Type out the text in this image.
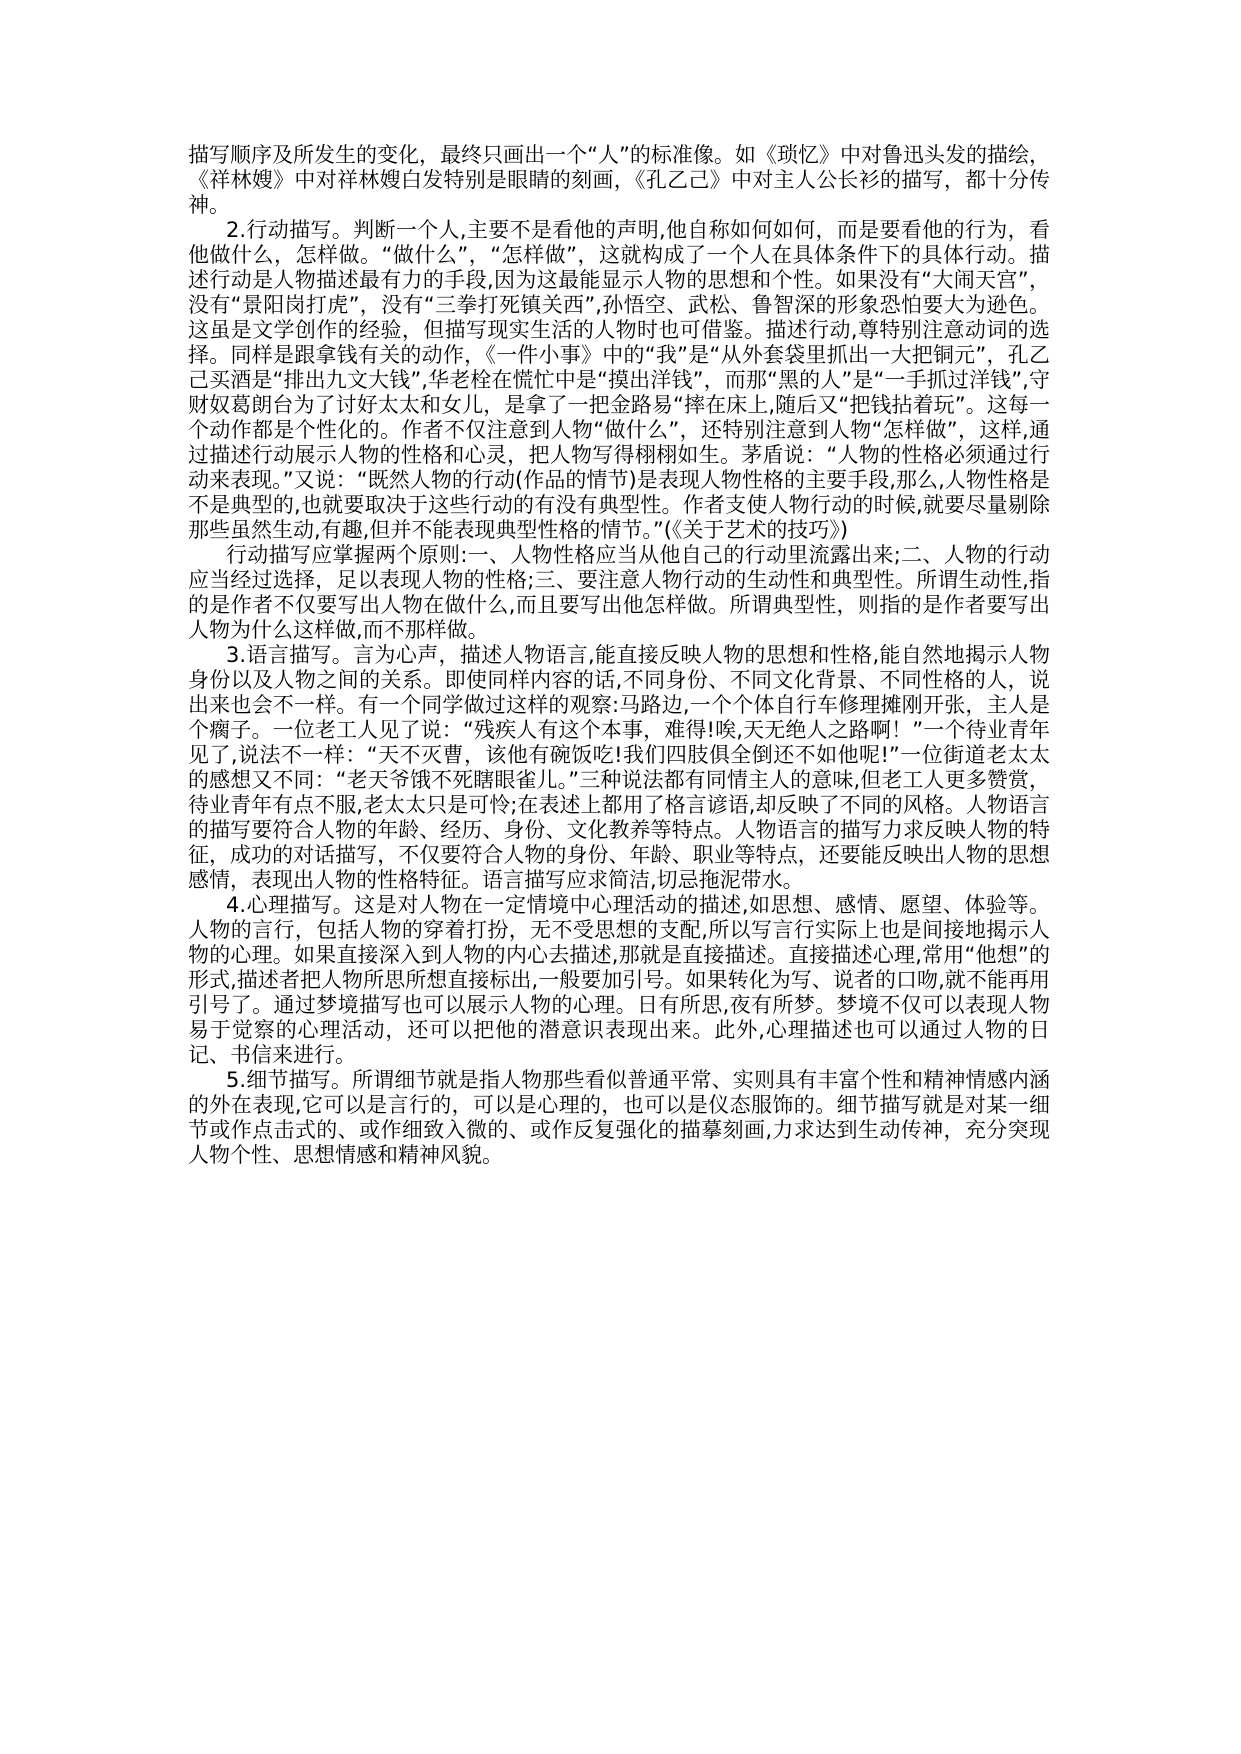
描写顺序及所发生的变化，最终只画出一个“人”的标准像。如《琐忆》中对鲁迅头发的描绘，《祥林嫂》中对祥林嫂白发特别是眼睛的刻画，《孔乙己》中对主人公长衫的描写，都十分传神。

2.行动描写。判断一个人,主要不是看他的声明,他自称如何如何，而是要看他的行为，看他做什么，怎样做。“做什么”，“怎样做”，这就构成了一个人在具体条件下的具体行动。描述行动是人物描述最有力的手段,因为这最能显示人物的思想和个性。如果没有“大闹天宫”，没有“景阳岗打虎”，没有“三拳打死镇关西”,孙悟空、武松、鲁智深的形象恐怕要大为逊色。这虽是文学创作的经验，但描写现实生活的人物时也可借鉴。描述行动,尊特别注意动词的选择。同样是跟拿钱有关的动作，《一件小事》中的“我”是“从外套袋里抓出一大把铜元”，孔乙己买酒是“排出九文大钱”,华老栓在慌忙中是“摸出洋钱”，而那“黑的人”是“一手抓过洋钱”,守财奴葛朗台为了讨好太太和女儿，是拿了一把金路易“摔在床上,随后又“把钱拈着玩”。这每一个动作都是个性化的。作者不仅注意到人物“做什么”，还特别注意到人物“怎样做”，这样,通过描述行动展示人物的性格和心灵，把人物写得栩栩如生。茅盾说：“人物的性格必须通过行动来表现。”又说：“既然人物的行动(作品的情节)是表现人物性格的主要手段,那么,人物性格是不是典型的,也就要取决于这些行动的有没有典型性。作者支使人物行动的时候,就要尽量剔除那些虽然生动,有趣,但并不能表现典型性格的情节。”(《关于艺术的技巧》)

行动描写应掌握两个原则:一、人物性格应当从他自己的行动里流露出来;二、人物的行动应当经过选择，足以表现人物的性格;三、要注意人物行动的生动性和典型性。所谓生动性,指的是作者不仅要写出人物在做什么,而且要写出他怎样做。所谓典型性，则指的是作者要写出人物为什么这样做,而不那样做。

3.语言描写。言为心声，描述人物语言,能直接反映人物的思想和性格,能自然地揭示人物身份以及人物之间的关系。即使同样内容的话,不同身份、不同文化背景、不同性格的人，说出来也会不一样。有一个同学做过这样的观察:马路边,一个个体自行车修理摊刚开张，主人是个瘸子。一位老工人见了说：“残疾人有这个本事，难得!唉,天无绝人之路啊！”一个待业青年见了,说法不一样：“天不灭曹，该他有碗饭吃!我们四肢俱全倒还不如他呢!”一位街道老太太的感想又不同：“老天爷饿不死瞎眼雀儿。”三种说法都有同情主人的意味,但老工人更多赞赏，待业青年有点不服,老太太只是可怜;在表述上都用了格言谚语,却反映了不同的风格。人物语言的描写要符合人物的年龄、经历、身份、文化教养等特点。人物语言的描写力求反映人物的特征，成功的对话描写，不仅要符合人物的身份、年龄、职业等特点，还要能反映出人物的思想感情，表现出人物的性格特征。语言描写应求简洁,切忌拖泥带水。

4.心理描写。这是对人物在一定情境中心理活动的描述,如思想、感情、愿望、体验等。人物的言行，包括人物的穿着打扮，无不受思想的支配,所以写言行实际上也是间接地揭示人物的心理。如果直接深入到人物的内心去描述,那就是直接描述。直接描述心理,常用“他想”的形式,描述者把人物所思所想直接标出,一般要加引号。如果转化为写、说者的口吻,就不能再用引号了。通过梦境描写也可以展示人物的心理。日有所思,夜有所梦。梦境不仅可以表现人物易于觉察的心理活动，还可以把他的潜意识表现出来。此外,心理描述也可以通过人物的日记、书信来进行。

5.细节描写。所谓细节就是指人物那些看似普通平常、实则具有丰富个性和精神情感内涵的外在表现,它可以是言行的，可以是心理的，也可以是仪态服饰的。细节描写就是对某一细节或作点击式的、或作细致入微的、或作反复强化的描摹刻画,力求达到生动传神，充分突现人物个性、思想情感和精神风貌。
